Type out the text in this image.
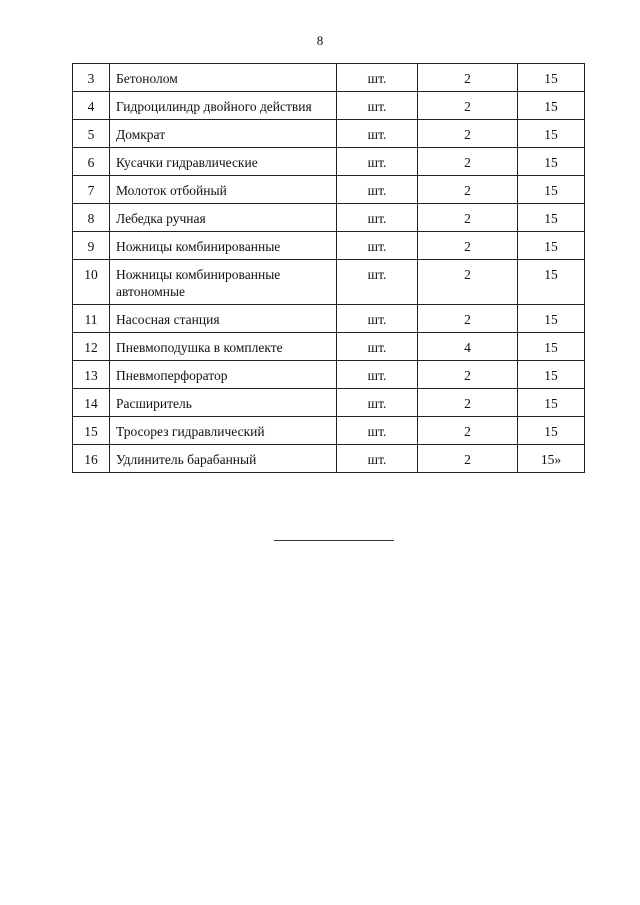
8
3	Бетонолом	шт.	2	15
4	Гидроцилиндр двойного действия	шт.	2	15
5	Домкрат	шт.	2	15
6	Кусачки гидравлические	шт.	2	15
7	Молоток отбойный	шт.	2	15
8	Лебедка ручная	шт.	2	15
9	Ножницы комбинированные	шт.	2	15
10	Ножницы комбинированные автономные	шт.	2	15
11	Насосная станция	шт.	2	15
12	Пневмоподушка в комплекте	шт.	4	15
13	Пневмоперфоратор	шт.	2	15
14	Расширитель	шт.	2	15
15	Тросорез гидравлический	шт.	2	15
16	Удлинитель барабанный	шт.	2	15»
